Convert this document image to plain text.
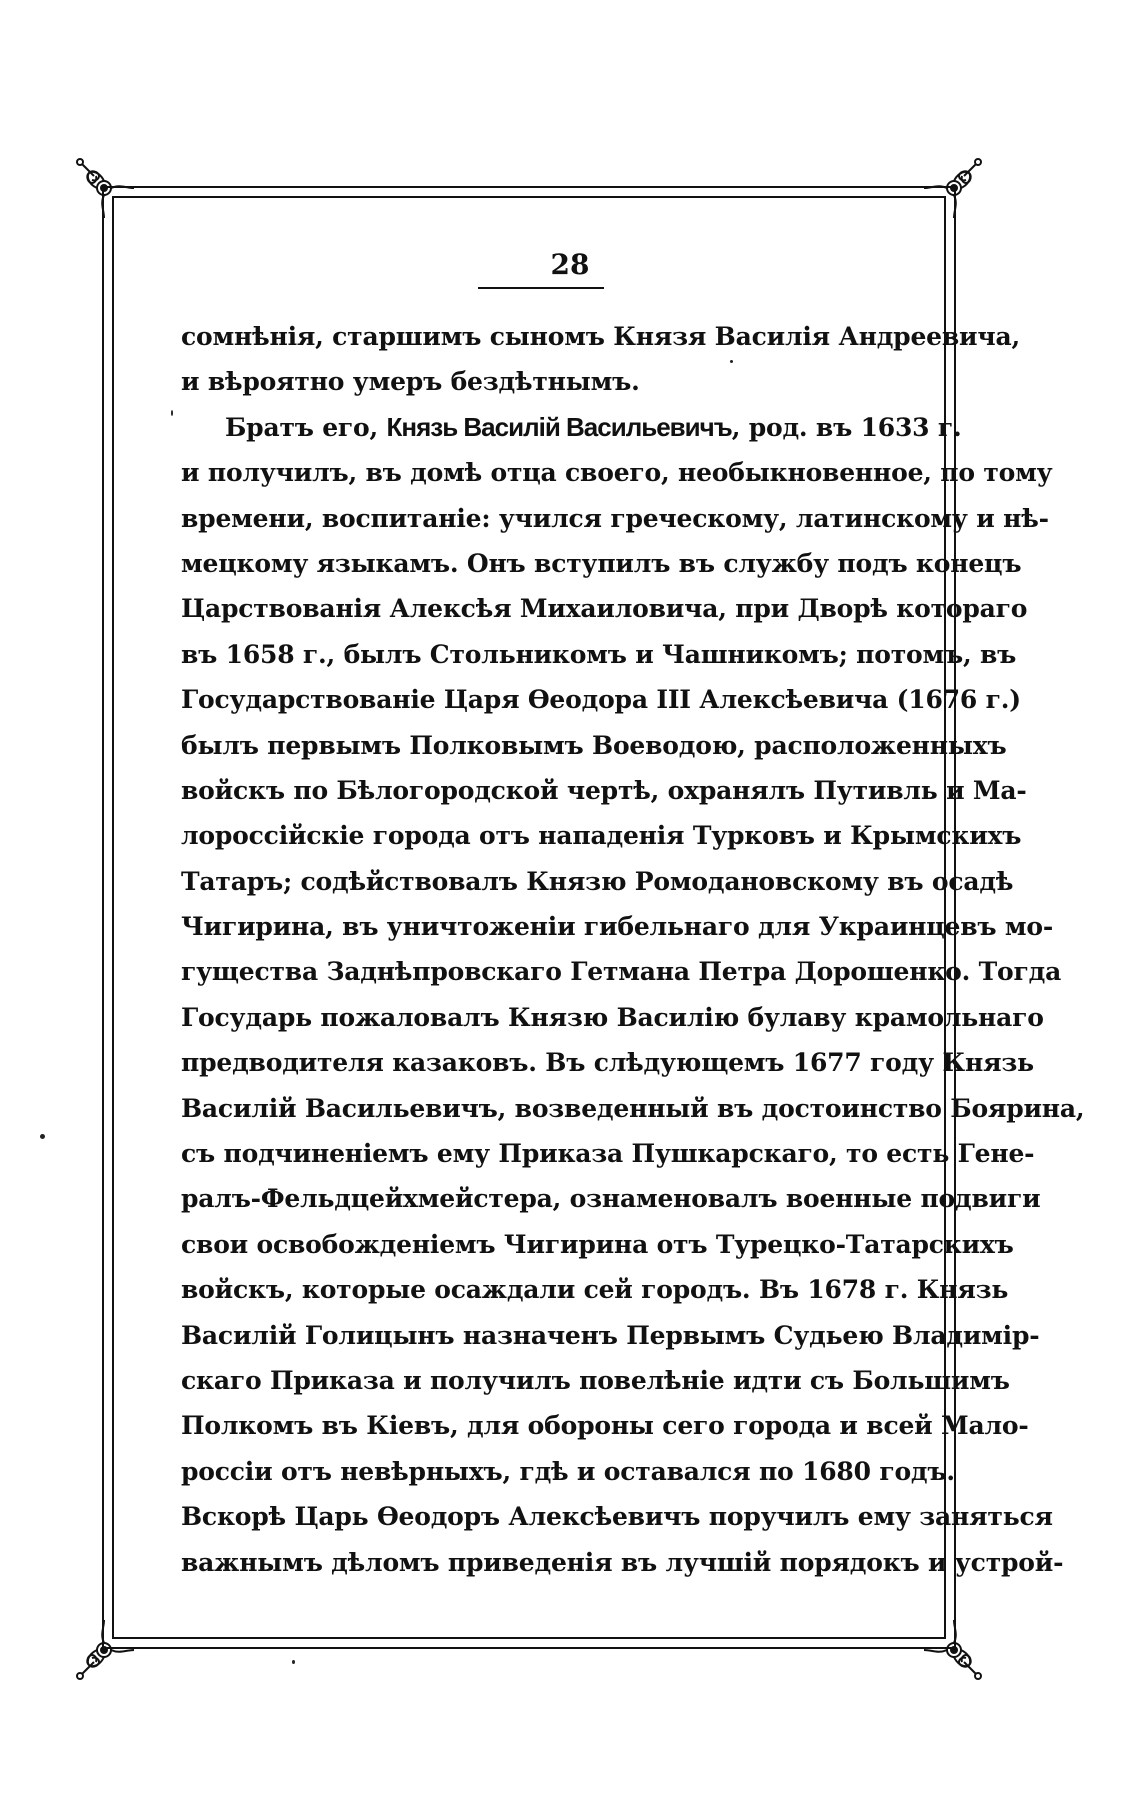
28
сомнѣнія, старшимъ сыномъ Князя Василія Андреевича,
и вѣроятно умеръ бездѣтнымъ.
Братъ его, Князь Василій Васильевичъ, род. въ 1633 г.
и получилъ, въ домѣ отца своего, необыкновенное, по тому
времени, воспитаніе: учился греческому, латинскому и нѣ-
мецкому языкамъ. Онъ вступилъ въ службу подъ конецъ
Царствованія Алексѣя Михаиловича, при Дворѣ котораго
въ 1658 г., былъ Стольникомъ и Чашникомъ; потомъ, въ
Государствованіе Царя Ѳеодора III Алексѣевича (1676 г.)
былъ первымъ Полковымъ Воеводою, расположенныхъ
войскъ по Бѣлогородской чертѣ, охранялъ Путивль и Ма-
лороссійскіе города отъ нападенія Турковъ и Крымскихъ
Татаръ; содѣйствовалъ Князю Ромодановскому въ осадѣ
Чигирина, въ уничтоженіи гибельнаго для Украинцевъ мо-
гущества Заднѣпровскаго Гетмана Петра Дорошенко. Тогда
Государь пожаловалъ Князю Василію булаву крамольнаго
предводителя казаковъ. Въ слѣдующемъ 1677 году Князь
Василій Васильевичъ, возведенный въ достоинство Боярина,
съ подчиненіемъ ему Приказа Пушкарскаго, то есть Гене-
ралъ-Фельдцейхмейстера, ознаменовалъ военные подвиги
свои освобожденіемъ Чигирина отъ Турецко-Татарскихъ
войскъ, которые осаждали сей городъ. Въ 1678 г. Князь
Василій Голицынъ назначенъ Первымъ Судьею Владимір-
скаго Приказа и получилъ повелѣніе идти съ Большимъ
Полкомъ въ Кіевъ, для обороны сего города и всей Мало-
россіи отъ невѣрныхъ, гдѣ и оставался по 1680 годъ.
Вскорѣ Царь Ѳеодоръ Алексѣевичъ поручилъ ему заняться
важнымъ дѣломъ приведенія въ лучшій порядокъ и устрой-
